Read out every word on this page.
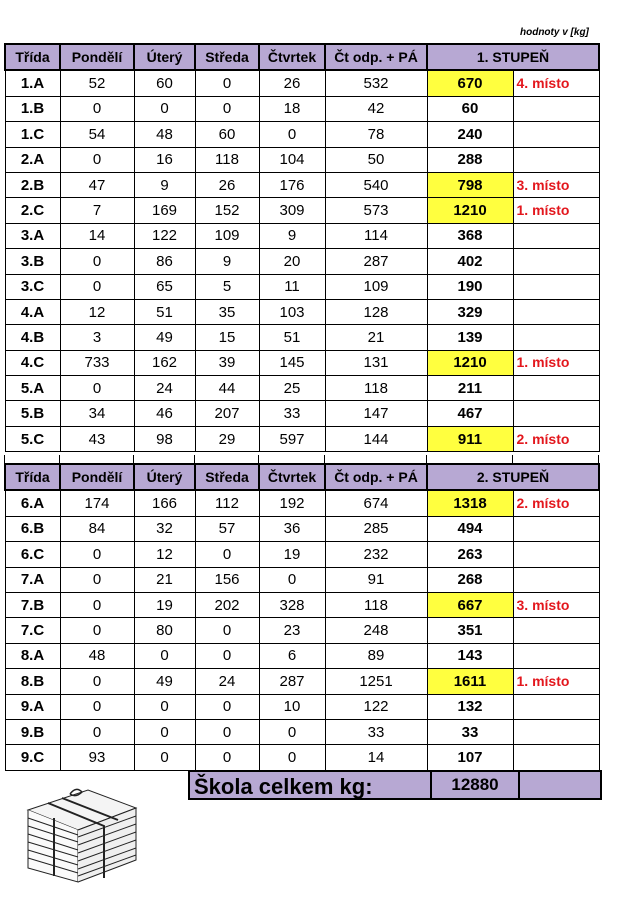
hodnoty v [kg]
Třída	Pondělí	Úterý	Středa	Čtvrtek	Čt odp. + PÁ	1. STUPEŇ	
1.A	52	60	0	26	532	670	4. místo
1.B	0	0	0	18	42	60	
1.C	54	48	60	0	78	240	
2.A	0	16	118	104	50	288	
2.B	47	9	26	176	540	798	3. místo
2.C	7	169	152	309	573	1210	1. místo
3.A	14	122	109	9	114	368	
3.B	0	86	9	20	287	402	
3.C	0	65	5	11	109	190	
4.A	12	51	35	103	128	329	
4.B	3	49	15	51	21	139	
4.C	733	162	39	145	131	1210	1. místo
5.A	0	24	44	25	118	211	
5.B	34	46	207	33	147	467	
5.C	43	98	29	597	144	911	2. místo
Třída	Pondělí	Úterý	Středa	Čtvrtek	Čt odp. + PÁ	2. STUPEŇ	
6.A	174	166	112	192	674	1318	2. místo
6.B	84	32	57	36	285	494	
6.C	0	12	0	19	232	263	
7.A	0	21	156	0	91	268	
7.B	0	19	202	328	118	667	3. místo
7.C	0	80	0	23	248	351	
8.A	48	0	0	6	89	143	
8.B	0	49	24	287	1251	1611	1. místo
9.A	0	0	0	10	122	132	
9.B	0	0	0	0	33	33	
9.C	93	0	0	0	14	107	
Škola celkem kg:	12880
